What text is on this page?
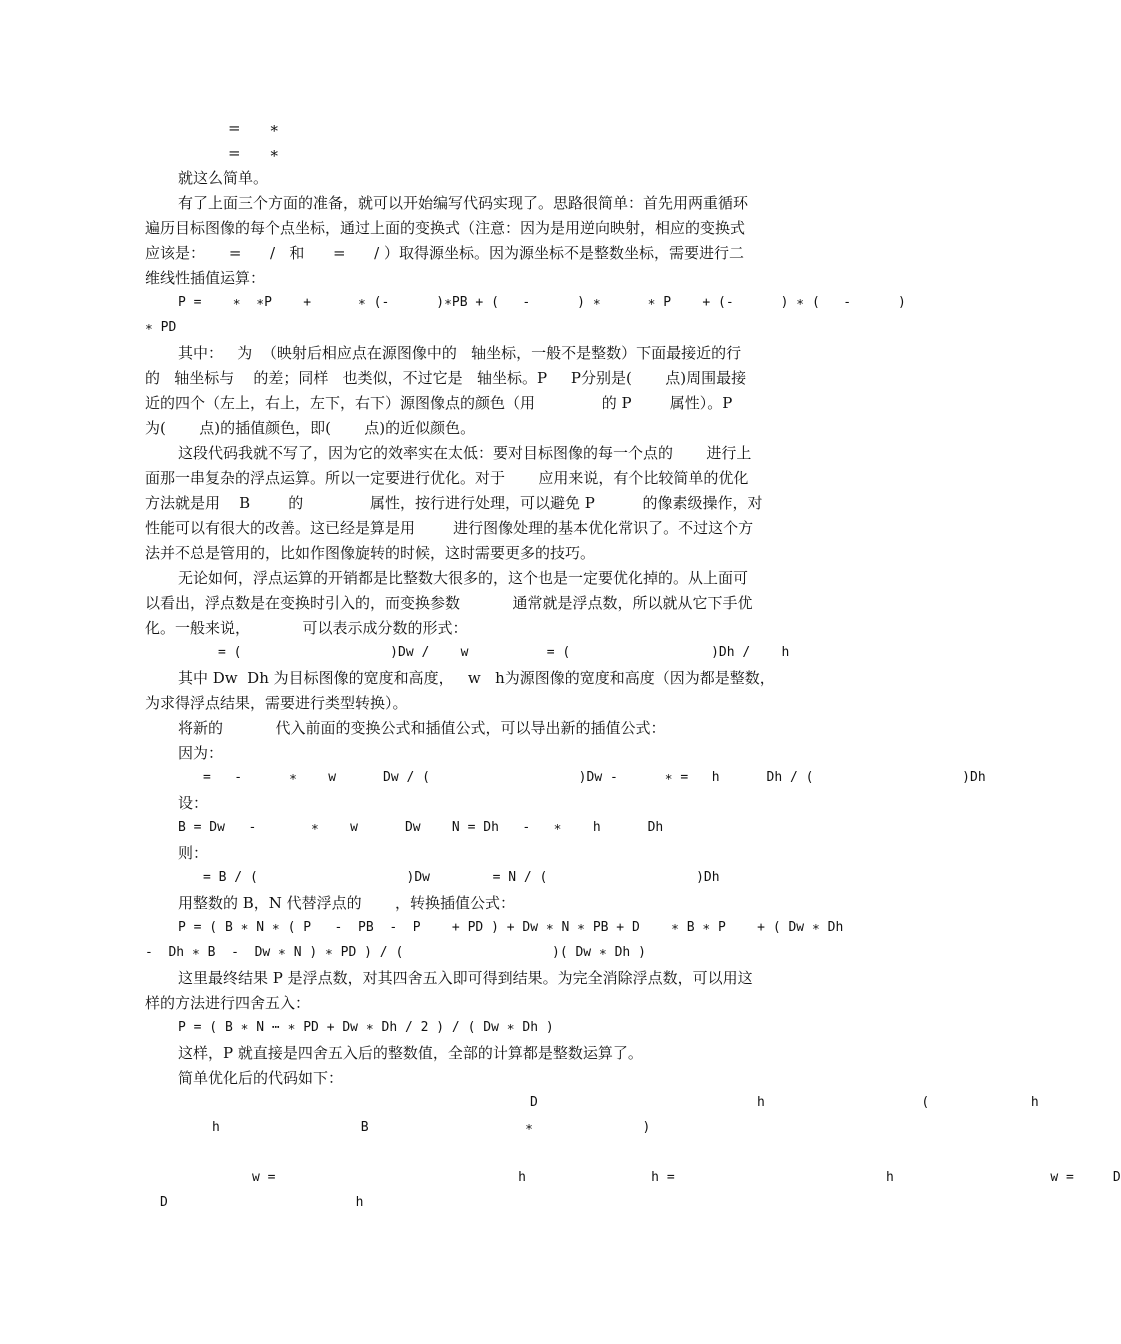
=      ∗
=      ∗
就这么简单。
有了上面三个方面的准备，就可以开始编写代码实现了。思路很简单：首先用两重循环
遍历目标图像的每个点坐标，通过上面的变换式（注意：因为是用逆向映射，相应的变换式
应该是：     =      /   和      =      / ）取得源坐标。因为源坐标不是整数坐标，需要进行二
维线性插值运算：
P =    ∗  ∗P    +      ∗ (-      )∗PB + (   -      ) ∗      ∗ P    + (-      ) ∗ (   -      )
∗ PD
其中：   为  （映射后相应点在源图像中的   轴坐标，一般不是整数）下面最接近的行
的   轴坐标与    的差；同样   也类似，不过它是   轴坐标。P     P分别是(       点)周围最接
近的四个（左上，右上，左下，右下）源图像点的颜色（用              的 P        属性）。P
为(       点)的插值颜色，即(       点)的近似颜色。
这段代码我就不写了，因为它的效率实在太低：要对目标图像的每一个点的       进行上
面那一串复杂的浮点运算。所以一定要进行优化。对于       应用来说，有个比较简单的优化
方法就是用    B        的              属性，按行进行处理，可以避免 P          的像素级操作，对
性能可以有很大的改善。这已经是算是用        进行图像处理的基本优化常识了。不过这个方
法并不总是管用的，比如作图像旋转的时候，这时需要更多的技巧。
无论如何，浮点运算的开销都是比整数大很多的，这个也是一定要优化掉的。从上面可
以看出，浮点数是在变换时引入的，而变换参数           通常就是浮点数，所以就从它下手优
化。一般来说，           可以表示成分数的形式：
= (                   )Dw /    w          = (                  )Dh /    h
其中 Dw  Dh 为目标图像的宽度和高度，   w   h为源图像的宽度和高度（因为都是整数，
为求得浮点结果，需要进行类型转换）。
将新的           代入前面的变换公式和插值公式，可以导出新的插值公式：
因为：
=   -      ∗    w      Dw / (                   )Dw -      ∗ =   h      Dh / (                   )Dh
设：
B = Dw   -       ∗    w      Dw    N = Dh   -   ∗    h      Dh
则：
= B / (                   )Dw        = N / (                   )Dh
用整数的 B，N 代替浮点的       ，转换插值公式：
P = ( B ∗ N ∗ ( P   -  PB  -  P    + PD ) + Dw ∗ N ∗ PB + D    ∗ B ∗ P    + ( Dw ∗ Dh
-  Dh ∗ B  -  Dw ∗ N ) ∗ PD ) / (                   )( Dw ∗ Dh )
这里最终结果 P 是浮点数，对其四舍五入即可得到结果。为完全消除浮点数，可以用这
样的方法进行四舍五入：
P = ( B ∗ N ⋯ ∗ PD + Dw ∗ Dh / 2 ) / ( Dw ∗ Dh )
这样，P 就直接是四舍五入后的整数值，全部的计算都是整数运算了。
简单优化后的代码如下：
D                            h                    (             h
h                  B                    ∗              )
w =                               h                h =                           h                    w =     D
D                        h
